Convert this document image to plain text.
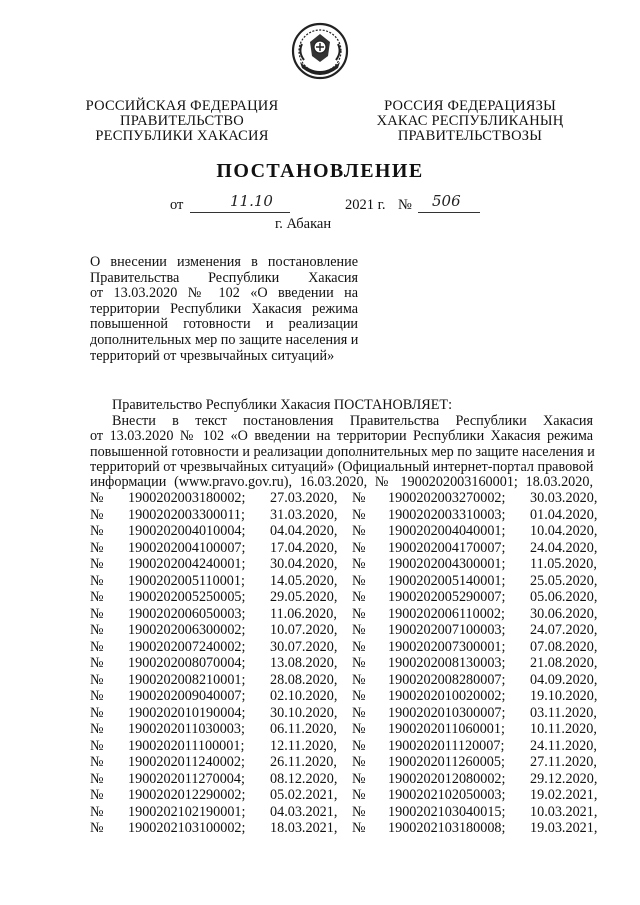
РОССИЙСКАЯ ФЕДЕРАЦИЯ
ПРАВИТЕЛЬСТВО
РЕСПУБЛИКИ ХАКАСИЯ
РОССИЯ ФЕДЕРАЦИЯЗЫ
ХАКАС РЕСПУБЛИКАНЫҢ
ПРАВИТЕЛЬСТВОЗЫ
ПОСТАНОВЛЕНИЕ
от	11.10	2021 г. № 506
г. Абакан
О внесении изменения в постановление
Правительства Республики Хакасия
от 13.03.2020 № 102 «О введении на
территории Республики Хакасия режима
повышенной готовности и реализации
дополнительных мер по защите населения и
территорий от чрезвычайных ситуаций»
Правительство Республики Хакасия ПОСТАНОВЛЯЕТ:
Внести в текст постановления Правительства Республики Хакасия
от 13.03.2020 № 102 «О введении на территории Республики Хакасия режима
повышенной готовности и реализации дополнительных мер по защите населения и
территорий от чрезвычайных ситуаций» (Официальный интернет-портал правовой
информации (www.pravo.gov.ru), 16.03.2020, № 1900202003160001; 18.03.2020,
№ 1900202003180002; 27.03.2020, № 1900202003270002; 30.03.2020,
№ 1900202003300011; 31.03.2020, № 1900202003310003; 01.04.2020,
№ 1900202004010004; 04.04.2020, № 1900202004040001; 10.04.2020,
№ 1900202004100007; 17.04.2020, № 1900202004170007; 24.04.2020,
№ 1900202004240001; 30.04.2020, № 1900202004300001; 11.05.2020,
№ 1900202005110001; 14.05.2020, № 1900202005140001; 25.05.2020,
№ 1900202005250005; 29.05.2020, № 1900202005290007; 05.06.2020,
№ 1900202006050003; 11.06.2020, № 1900202006110002; 30.06.2020,
№ 1900202006300002; 10.07.2020, № 1900202007100003; 24.07.2020,
№ 1900202007240002; 30.07.2020, № 1900202007300001; 07.08.2020,
№ 1900202008070004; 13.08.2020, № 1900202008130003; 21.08.2020,
№ 1900202008210001; 28.08.2020, № 1900202008280007; 04.09.2020,
№ 1900202009040007; 02.10.2020, № 1900202010020002; 19.10.2020,
№ 1900202010190004; 30.10.2020, № 1900202010300007; 03.11.2020,
№ 1900202011030003; 06.11.2020, № 1900202011060001; 10.11.2020,
№ 1900202011100001; 12.11.2020, № 1900202011120007; 24.11.2020,
№ 1900202011240002; 26.11.2020, № 1900202011260005; 27.11.2020,
№ 1900202011270004; 08.12.2020, № 1900202012080002; 29.12.2020,
№ 1900202012290002; 05.02.2021, № 1900202102050003; 19.02.2021,
№ 1900202102190001; 04.03.2021, № 1900202103040015; 10.03.2021,
№ 1900202103100002; 18.03.2021, № 1900202103180008; 19.03.2021,
